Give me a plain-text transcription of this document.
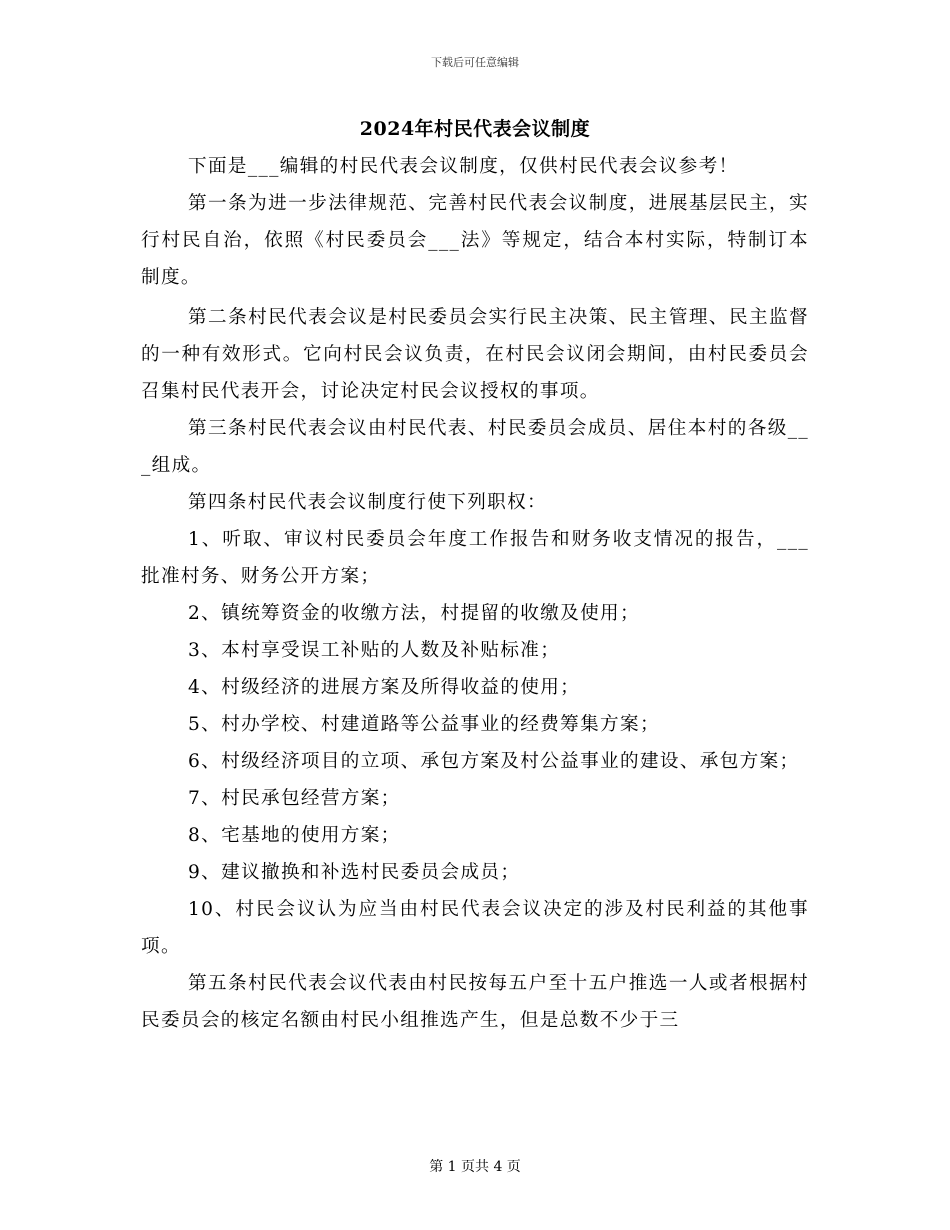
下载后可任意编辑
2024年村民代表会议制度

下面是___编辑的村民代表会议制度，仅供村民代表会议参考！

第一条为进一步法律规范、完善村民代表会议制度，进展基层民主，实行村民自治，依照《村民委员会___法》等规定，结合本村实际，特制订本制度。

第二条村民代表会议是村民委员会实行民主决策、民主管理、民主监督的一种有效形式。它向村民会议负责，在村民会议闭会期间，由村民委员会召集村民代表开会，讨论决定村民会议授权的事项。

第三条村民代表会议由村民代表、村民委员会成员、居住本村的各级___组成。

第四条村民代表会议制度行使下列职权：

1、听取、审议村民委员会年度工作报告和财务收支情况的报告，___批准村务、财务公开方案；

2、镇统筹资金的收缴方法，村提留的收缴及使用；

3、本村享受误工补贴的人数及补贴标准；

4、村级经济的进展方案及所得收益的使用；

5、村办学校、村建道路等公益事业的经费筹集方案；

6、村级经济项目的立项、承包方案及村公益事业的建设、承包方案；

7、村民承包经营方案；

8、宅基地的使用方案；

9、建议撤换和补选村民委员会成员；

10、村民会议认为应当由村民代表会议决定的涉及村民利益的其他事项。

第五条村民代表会议代表由村民按每五户至十五户推选一人或者根据村民委员会的核定名额由村民小组推选产生，但是总数不少于三

第 1 页共 4 页
